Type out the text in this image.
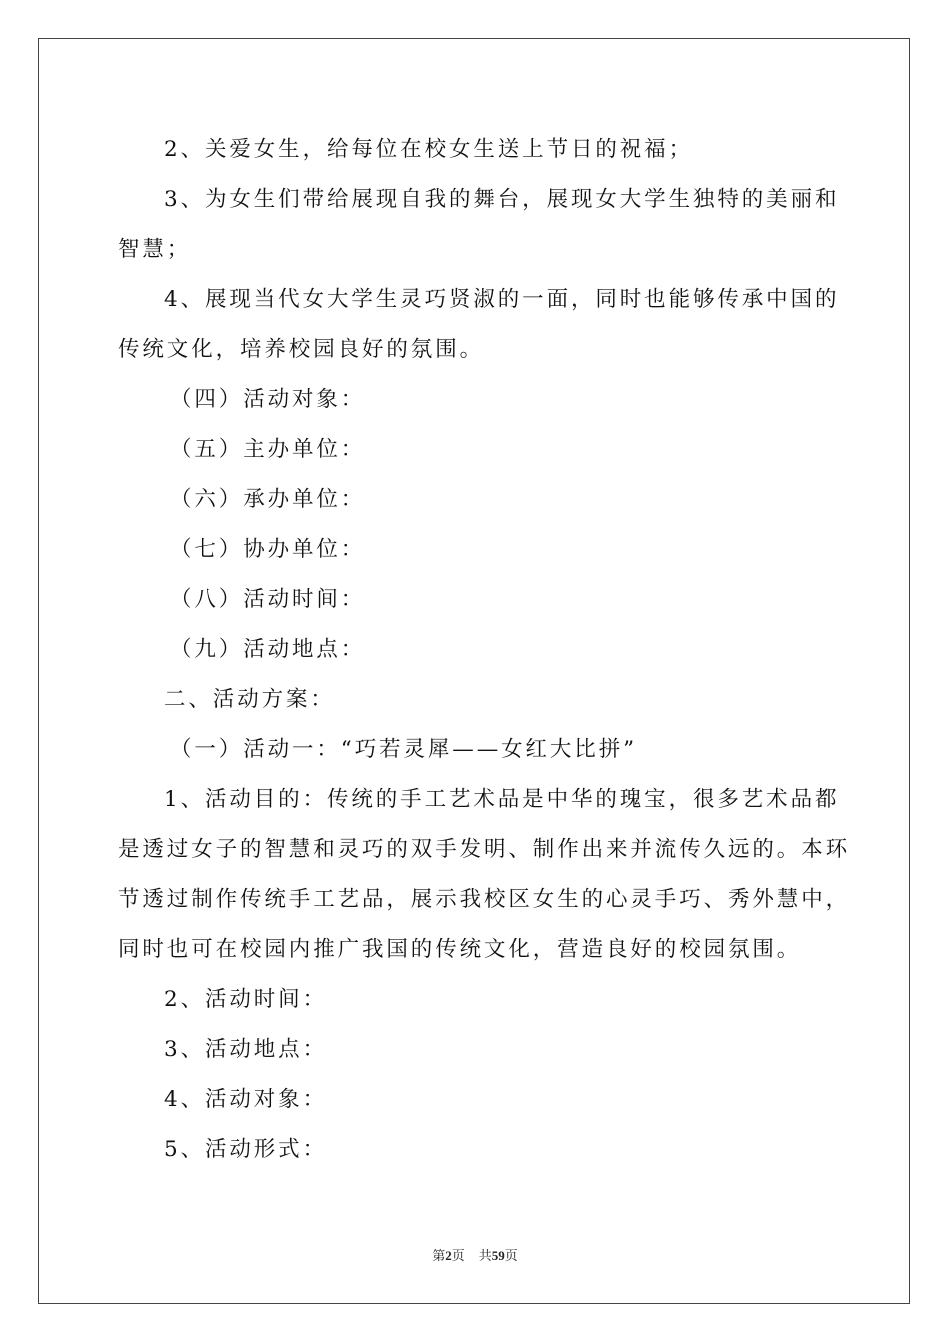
2、关爱女生，给每位在校女生送上节日的祝福；
3、为女生们带给展现自我的舞台，展现女大学生独特的美丽和
智慧；
4、展现当代女大学生灵巧贤淑的一面，同时也能够传承中国的
传统文化，培养校园良好的氛围。
（四）活动对象：
（五）主办单位：
（六）承办单位：
（七）协办单位：
（八）活动时间：
（九）活动地点：
二、活动方案：
（一）活动一：“巧若灵犀——女红大比拼”
1、活动目的：传统的手工艺术品是中华的瑰宝，很多艺术品都
是透过女子的智慧和灵巧的双手发明、制作出来并流传久远的。本环
节透过制作传统手工艺品，展示我校区女生的心灵手巧、秀外慧中，
同时也可在校园内推广我国的传统文化，营造良好的校园氛围。
2、活动时间：
3、活动地点：
4、活动对象：
5、活动形式：
第2页 共59页
